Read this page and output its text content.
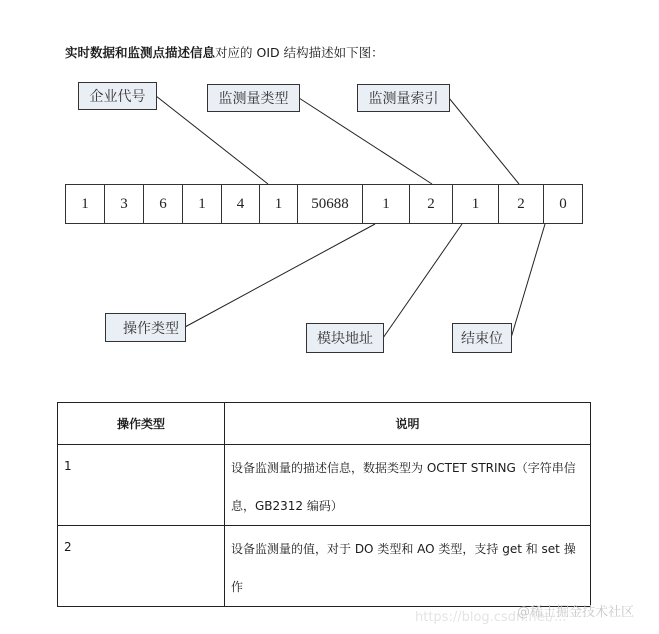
实时数据和监测点描述信息对应的 OID 结构描述如下图：
企业代号	监测量类型	监测量索引
1	3	6	1	4	1	50688	1	2	1	2	0
操作类型
模块地址	结束位
操作类型	说明
1	设备监测量的描述信息，数据类型为 OCTET STRING（字符串信息，GB2312 编码）
2	设备监测量的值，对于 DO 类型和 AO 类型，支持 get 和 set 操作
https://blog.csdn.net/...
@稀土掘金技术社区
